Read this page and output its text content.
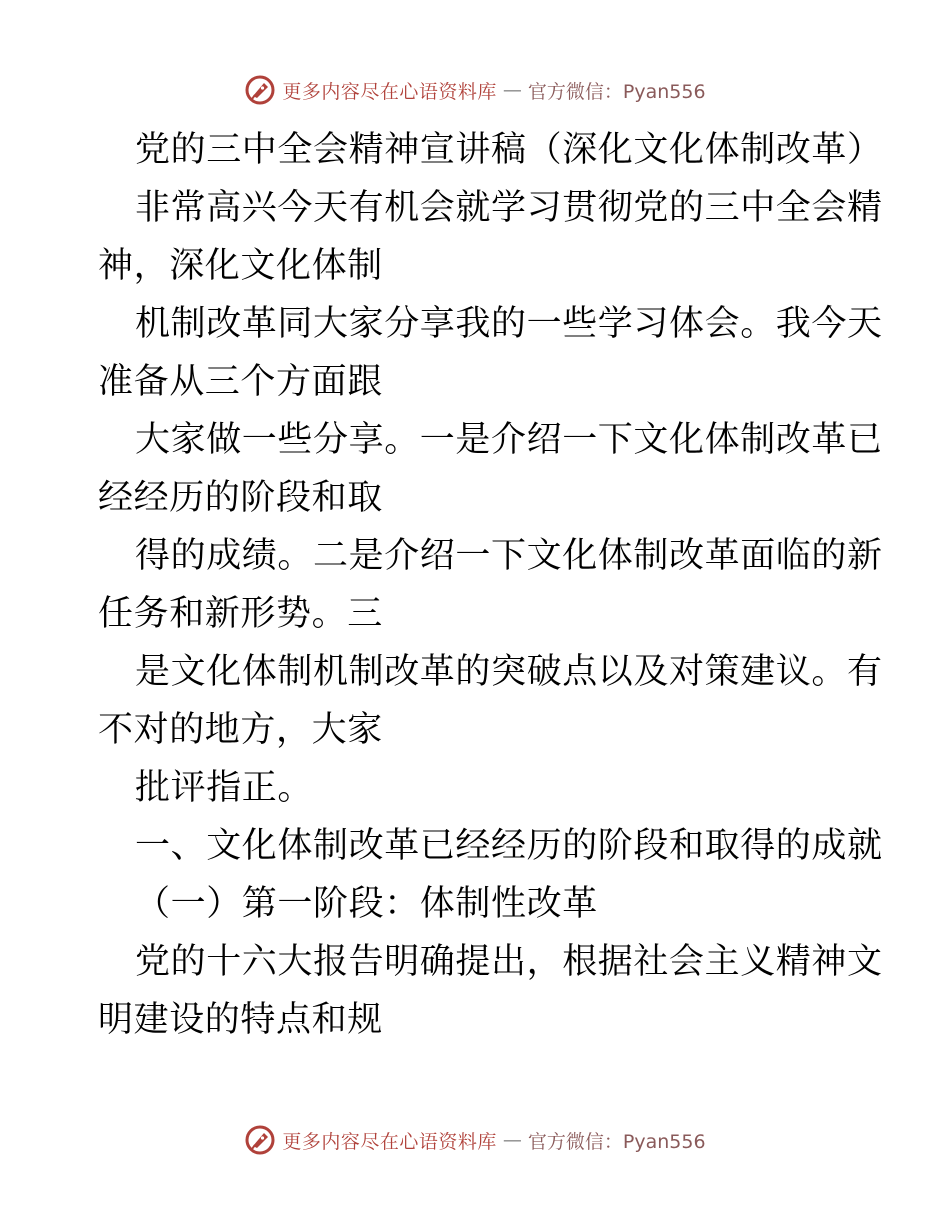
更多内容尽在心语资料库 — 官方微信：Pyan556
党的三中全会精神宣讲稿（深化文化体制改革）
非常高兴今天有机会就学习贯彻党的三中全会精
神，深化文化体制
机制改革同大家分享我的一些学习体会。我今天
准备从三个方面跟
大家做一些分享。一是介绍一下文化体制改革已
经经历的阶段和取
得的成绩。二是介绍一下文化体制改革面临的新
任务和新形势。三
是文化体制机制改革的突破点以及对策建议。有
不对的地方，大家
批评指正。
一、文化体制改革已经经历的阶段和取得的成就
（一）第一阶段：体制性改革
党的十六大报告明确提出，根据社会主义精神文
明建设的特点和规
更多内容尽在心语资料库 — 官方微信：Pyan556
